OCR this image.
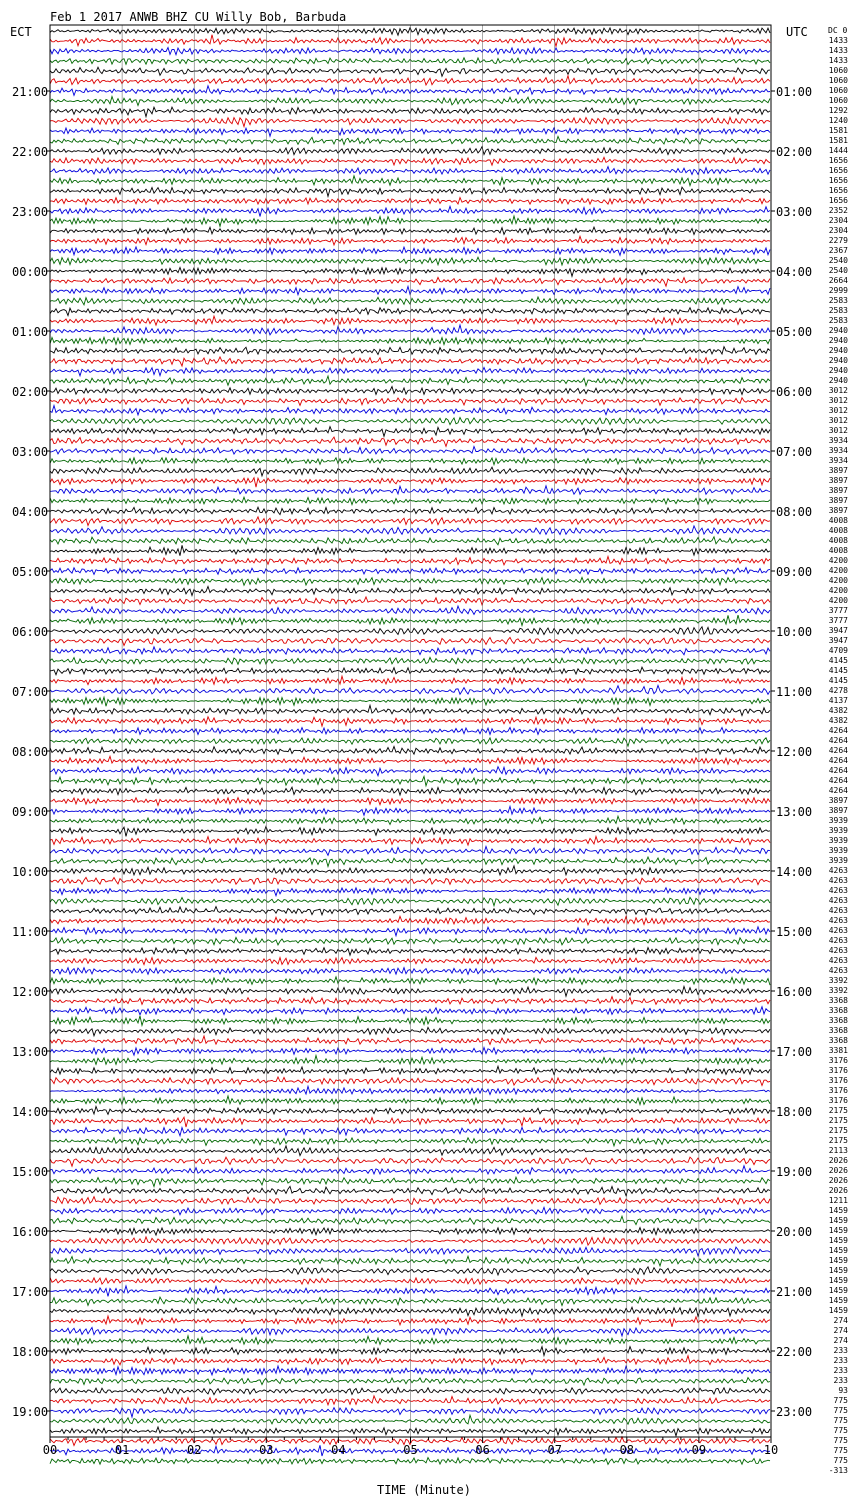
Feb 1 2017 ANWB BHZ CU Willy Bob, Barbuda
ECT	UTC	DC 0
21:00
22:00
23:00
00:00
01:00
02:00
03:00
04:00
05:00
06:00
07:00
08:00
09:00
10:00
11:00
12:00
13:00
14:00
15:00
16:00
17:00
18:00
19:00
01:00
02:00
03:00
04:00
05:00
06:00
07:00
08:00
09:00
10:00
11:00
12:00
13:00
14:00
15:00
16:00
17:00
18:00
19:00
20:00
21:00
22:00
23:00
1433
1433
1433
1060
1060
1060
1060
1292
1240
1581
1581
1444
1656
1656
1656
1656
1656
2352
2304
2304
2279
2367
2540
2540
2664
2999
2583
2583
2583
2940
2940
2940
2940
2940
2940
3012
3012
3012
3012
3012
3934
3934
3934
3897
3897
3897
3897
3897
4008
4008
4008
4008
4200
4200
4200
4200
4200
3777
3777
3947
3947
4709
4145
4145
4145
4278
4137
4382
4382
4264
4264
4264
4264
4264
4264
4264
3897
3897
3939
3939
3939
3939
3939
4263
4263
4263
4263
4263
4263
4263
4263
4263
4263
4263
3392
3392
3368
3368
3368
3368
3368
3381
3176
3176
3176
3176
3176
2175
2175
2175
2175
2113
2026
2026
2026
2026
1211
1459
1459
1459
1459
1459
1459
1459
1459
1459
1459
1459
274
274
274
233
233
233
233
93
775
775
775
775
775
775
775
-313
00	01	02	03	04	05	06	07	08	09	10
TIME (Minute)
